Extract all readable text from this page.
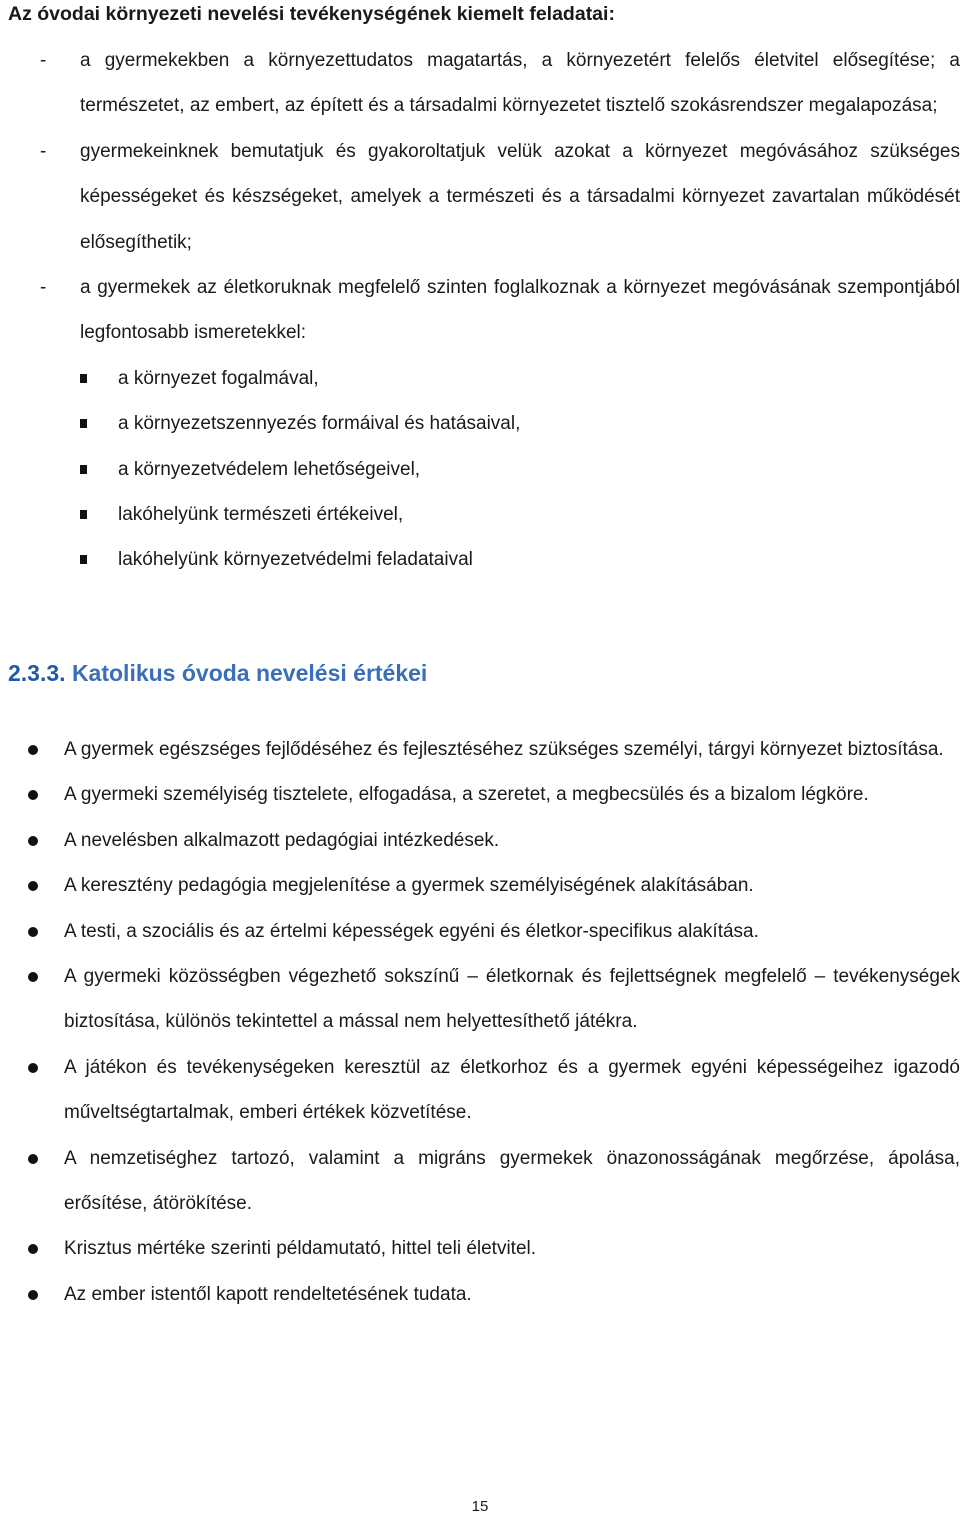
Az óvodai környezeti nevelési tevékenységének kiemelt feladatai:
- a gyermekekben a környezettudatos magatartás, a környezetért felelős életvitel elősegítése; a természetet, az embert, az épített és a társadalmi környezetet tisztelő szokásrendszer megalapozása;
- gyermekeinknek bemutatjuk és gyakoroltatjuk velük azokat a környezet megóvásához szükséges képességeket és készségeket, amelyek a természeti és a társadalmi környezet zavartalan működését elősegíthetik;
- a gyermekek az életkoruknak megfelelő szinten foglalkoznak a környezet megóvásának szempontjából legfontosabb ismeretekkel:
a környezet fogalmával,
a környezetszennyezés formáival és hatásaival,
a környezetvédelem lehetőségeivel,
lakóhelyünk természeti értékeivel,
lakóhelyünk környezetvédelmi feladataival
2.3.3. Katolikus óvoda nevelési értékei
A gyermek egészséges fejlődéséhez és fejlesztéséhez szükséges személyi, tárgyi környezet biztosítása.
A gyermeki személyiség tisztelete, elfogadása, a szeretet, a megbecsülés és a bizalom légköre.
A nevelésben alkalmazott pedagógiai intézkedések.
A keresztény pedagógia megjelenítése a gyermek személyiségének alakításában.
A testi, a szociális és az értelmi képességek egyéni és életkor-specifikus alakítása.
A gyermeki közösségben végezhető sokszínű – életkornak és fejlettségnek megfelelő – tevékenységek biztosítása, különös tekintettel a mással nem helyettesíthető játékra.
A játékon és tevékenységeken keresztül az életkorhoz és a gyermek egyéni képességeihez igazodó műveltségtartalmak, emberi értékek közvetítése.
A nemzetiséghez tartozó, valamint a migráns gyermekek önazonosságának megőrzése, ápolása, erősítése, átörökítése.
Krisztus mértéke szerinti példamutató, hittel teli életvitel.
Az ember istentől kapott rendeltetésének tudata.
15
